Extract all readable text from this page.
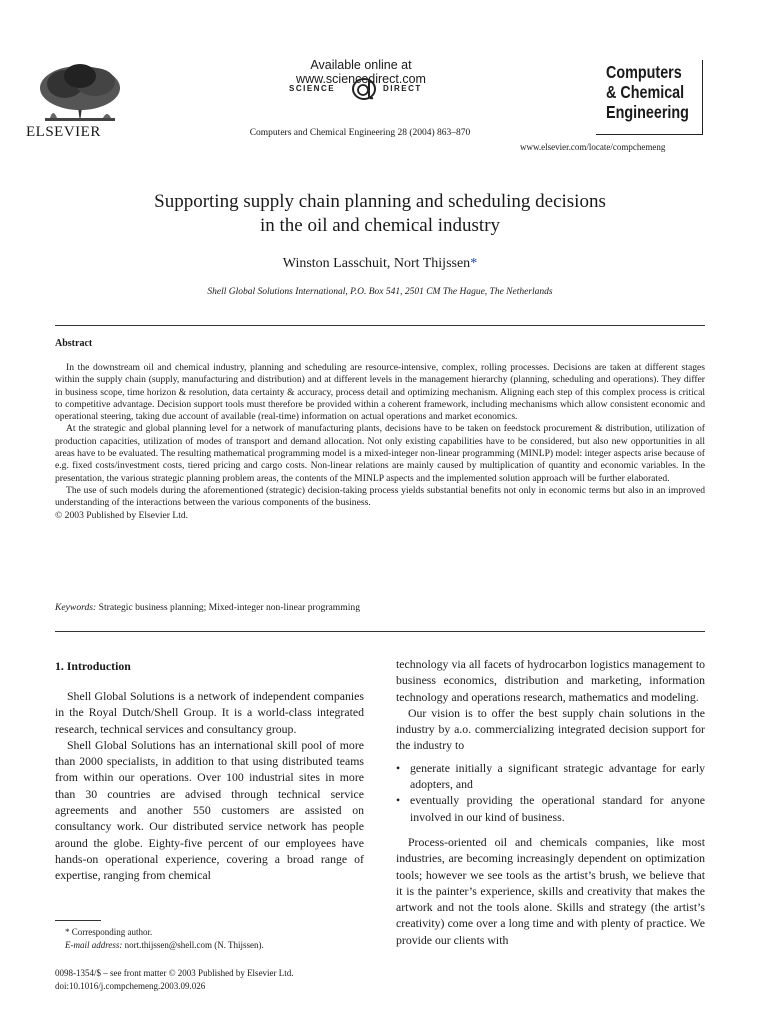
ELSEVIER
Available online at www.sciencedirect.com
SCIENCE	DIRECT
Computers and Chemical Engineering 28 (2004) 863–870
Computers
& Chemical
Engineering
www.elsevier.com/locate/compchemeng
Supporting supply chain planning and scheduling decisions
in the oil and chemical industry
Winston Lasschuit, Nort Thijssen*
Shell Global Solutions International, P.O. Box 541, 2501 CM The Hague, The Netherlands
Abstract

In the downstream oil and chemical industry, planning and scheduling are resource-intensive, complex, rolling processes. Decisions are taken at different stages within the supply chain (supply, manufacturing and distribution) and at different levels in the management hierarchy (planning, scheduling and operations). They differ in business scope, time horizon & resolution, data certainty & accuracy, process detail and optimizing mechanism. Aligning each step of this complex process is critical to competitive advantage. Decision support tools must therefore be provided within a coherent framework, including mechanisms which allow consistent economic and operational steering, taking due account of available (real-time) information on actual operations and market economics.

At the strategic and global planning level for a network of manufacturing plants, decisions have to be taken on feedstock procurement & distribution, utilization of production capacities, utilization of modes of transport and demand allocation. Not only existing capabilities have to be considered, but also new opportunities in all areas have to be evaluated. The resulting mathematical programming model is a mixed-integer non-linear programming (MINLP) model: integer aspects arise because of e.g. fixed costs/investment costs, tiered pricing and cargo costs. Non-linear relations are mainly caused by multiplication of quantity and economic variables. In the presentation, the various strategic planning problem areas, the contents of the MINLP aspects and the implemented solution approach will be further elaborated.

The use of such models during the aforementioned (strategic) decision-taking process yields substantial benefits not only in economic terms but also in an improved understanding of the interactions between the various components of the business.

© 2003 Published by Elsevier Ltd.

Keywords: Strategic business planning; Mixed-integer non-linear programming
1. Introduction

Shell Global Solutions is a network of independent companies in the Royal Dutch/Shell Group. It is a world-class integrated research, technical services and consultancy group.

Shell Global Solutions has an international skill pool of more than 2000 specialists, in addition to that using distributed teams from within our operations. Over 100 industrial sites in more than 30 countries are advised through technical service agreements and another 550 customers are assisted on consultancy work. Our distributed service network has people around the globe. Eighty-five percent of our employees have hands-on operational experience, covering a broad range of expertise, ranging from chemical

technology via all facets of hydrocarbon logistics management to business economics, distribution and marketing, information technology and operations research, mathematics and modeling.

Our vision is to offer the best supply chain solutions in the industry by a.o. commercializing integrated decision support for the industry to

• generate initially a significant strategic advantage for early adopters, and
• eventually providing the operational standard for anyone involved in our kind of business.

Process-oriented oil and chemicals companies, like most industries, are becoming increasingly dependent on optimization tools; however we see tools as the artist’s brush, we believe that it is the painter’s experience, skills and creativity that makes the artwork and not the tools alone. Skills and strategy (the artist’s creativity) come over a long time and with plenty of practice. We provide our clients with

* Corresponding author.
E-mail address: nort.thijssen@shell.com (N. Thijssen).
0098-1354/$ – see front matter © 2003 Published by Elsevier Ltd.
doi:10.1016/j.compchemeng.2003.09.026
